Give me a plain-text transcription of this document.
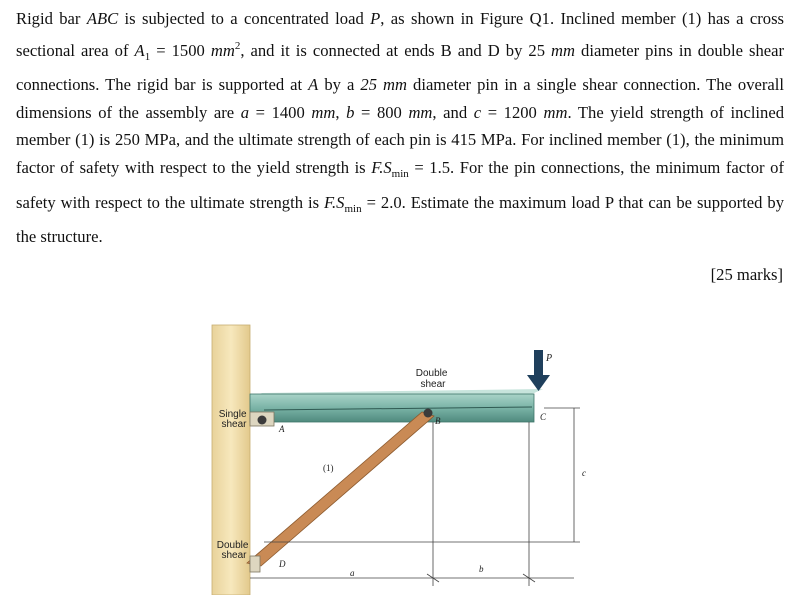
Rigid bar ABC is subjected to a concentrated load P, as shown in Figure Q1. Inclined member (1) has a cross sectional area of $A_1 = 1500$ $mm^2$, and it is connected at ends B and D by 25 mm diameter pins in double shear connections. The rigid bar is supported at A by a 25 mm diameter pin in a single shear connection. The overall dimensions of the assembly are a = 1400 mm, b = 800 mm, and c = 1200 mm. The yield strength of inclined member (1) is 250 MPa, and the ultimate strength of each pin is 415 MPa. For inclined member (1), the minimum factor of safety with respect to the yield strength is $F.S_{min} = 1.5$. For the pin connections, the minimum factor of safety with respect to the ultimate strength is $F.S_{min} = 2.0$. Estimate the maximum load P that can be supported by the structure.

[25 marks]
Double shear
Single shear
Double shear
P
A
B	C
D
(1)
a	b
c
